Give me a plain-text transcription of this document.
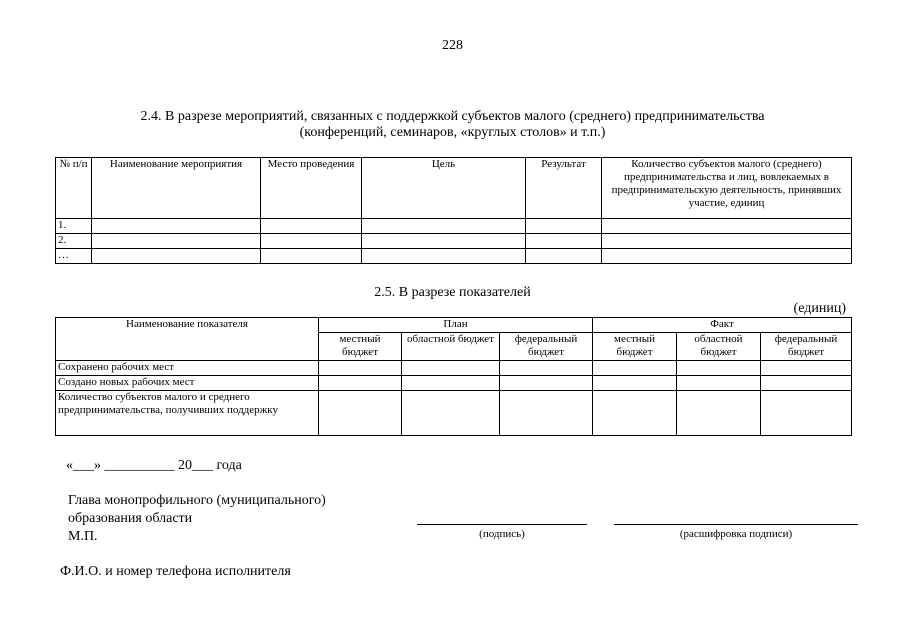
228
2.4. В разрезе мероприятий, связанных с поддержкой субъектов малого (среднего) предпринимательства
(конференций, семинаров, «круглых столов» и т.п.)
№ п/п	Наименование мероприятия	Место проведения	Цель	Результат	Количество субъектов малого (среднего) предпринимательства и лиц, вовлекаемых в предпринимательскую деятельность, принявших участие, единиц
1.					
2.					
…					
2.5. В разрезе показателей
(единиц)
Наименование показателя	План			Факт		
	местный бюджет	областной бюджет	федеральный бюджет	местный бюджет	областной бюджет	федеральный бюджет
Сохранено рабочих мест						
Создано новых рабочих мест						
Количество субъектов малого и среднего предпринимательства, получивших поддержку						
«___» __________ 20___ года
Глава монопрофильного (муниципального)
образования области
М.П.	(подпись)	(расшифровка подписи)
Ф.И.О. и номер телефона исполнителя
